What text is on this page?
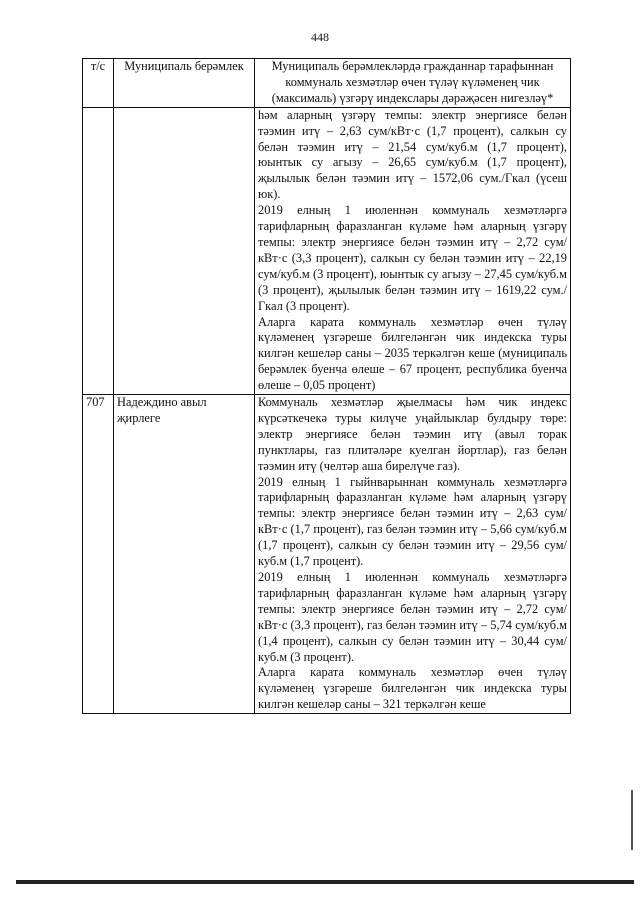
448
т/с	Муниципаль берәмлек	Муниципаль берәмлекләрдә гражданнар тарафыннан коммуналь хезмәтләр өчен түләү күләменең чик (максималь) үзгәрү индекслары дәрәҗәсен нигезләү*

		һәм аларның үзгәрү темпы: электр энергиясе белән тәэмин итү – 2,63 сум/кВт·с (1,7 процент), салкын су белән тәэмин итү – 21,54 сум/куб.м (1,7 процент), юынтык су агызу – 26,65 сум/куб.м (1,7 процент), җылылык белән тәэмин итү – 1572,06 сум./Гкал (үсеш юк).

2019 елның 1 июленнән коммуналь хезмәтләргә тарифларның фаразланган күләме һәм аларның үзгәрү темпы: электр энергиясе белән тәэмин итү – 2,72 сум/кВт·с (3,3 процент), салкын су белән тәэмин итү – 22,19 сум/куб.м (3 процент), юынтык су агызу – 27,45 сум/куб.м (3 процент), җылылык белән тәэмин итү – 1619,22 сум./Гкал (3 процент).

Аларга карата коммуналь хезмәтләр өчен түләү күләменең үзгәреше билгеләнгән чик индекска туры килгән кешеләр саны – 2035 теркәлгән кеше (муниципаль берәмлек буенча өлеше – 67 процент, республика буенча өлеше – 0,05 процент)

707	Надеждино авыл җирлеге	Коммуналь хезмәтләр җыелмасы һәм чик индекс күрсәткечекә туры килүче уңайлыклар булдыру төре: электр энергиясе белән тәэмин итү (авыл торак пунктлары, газ плитәләре куелган йортлар), газ белән тәэмин итү (челтәр аша бирелүче газ).

2019 елның 1 гыйнварыннан коммуналь хезмәтләргә тарифларның фаразланган күләме һәм аларның үзгәрү темпы: электр энергиясе белән тәэмин итү – 2,63 сум/кВт·с (1,7 процент), газ белән тәэмин итү – 5,66 сум/куб.м (1,7 процент), салкын су белән тәэмин итү – 29,56 сум/куб.м (1,7 процент).

2019 елның 1 июленнән коммуналь хезмәтләргә тарифларның фаразланган күләме һәм аларның үзгәрү темпы: электр энергиясе белән тәэмин итү – 2,72 сум/кВт·с (3,3 процент), газ белән тәэмин итү – 5,74 сум/куб.м (1,4 процент), салкын су белән тәэмин итү – 30,44 сум/куб.м (3 процент).

Аларга карата коммуналь хезмәтләр өчен түләү күләменең үзгәреше билгеләнгән чик индекска туры килгән кешеләр саны – 321 теркәлгән кеше
